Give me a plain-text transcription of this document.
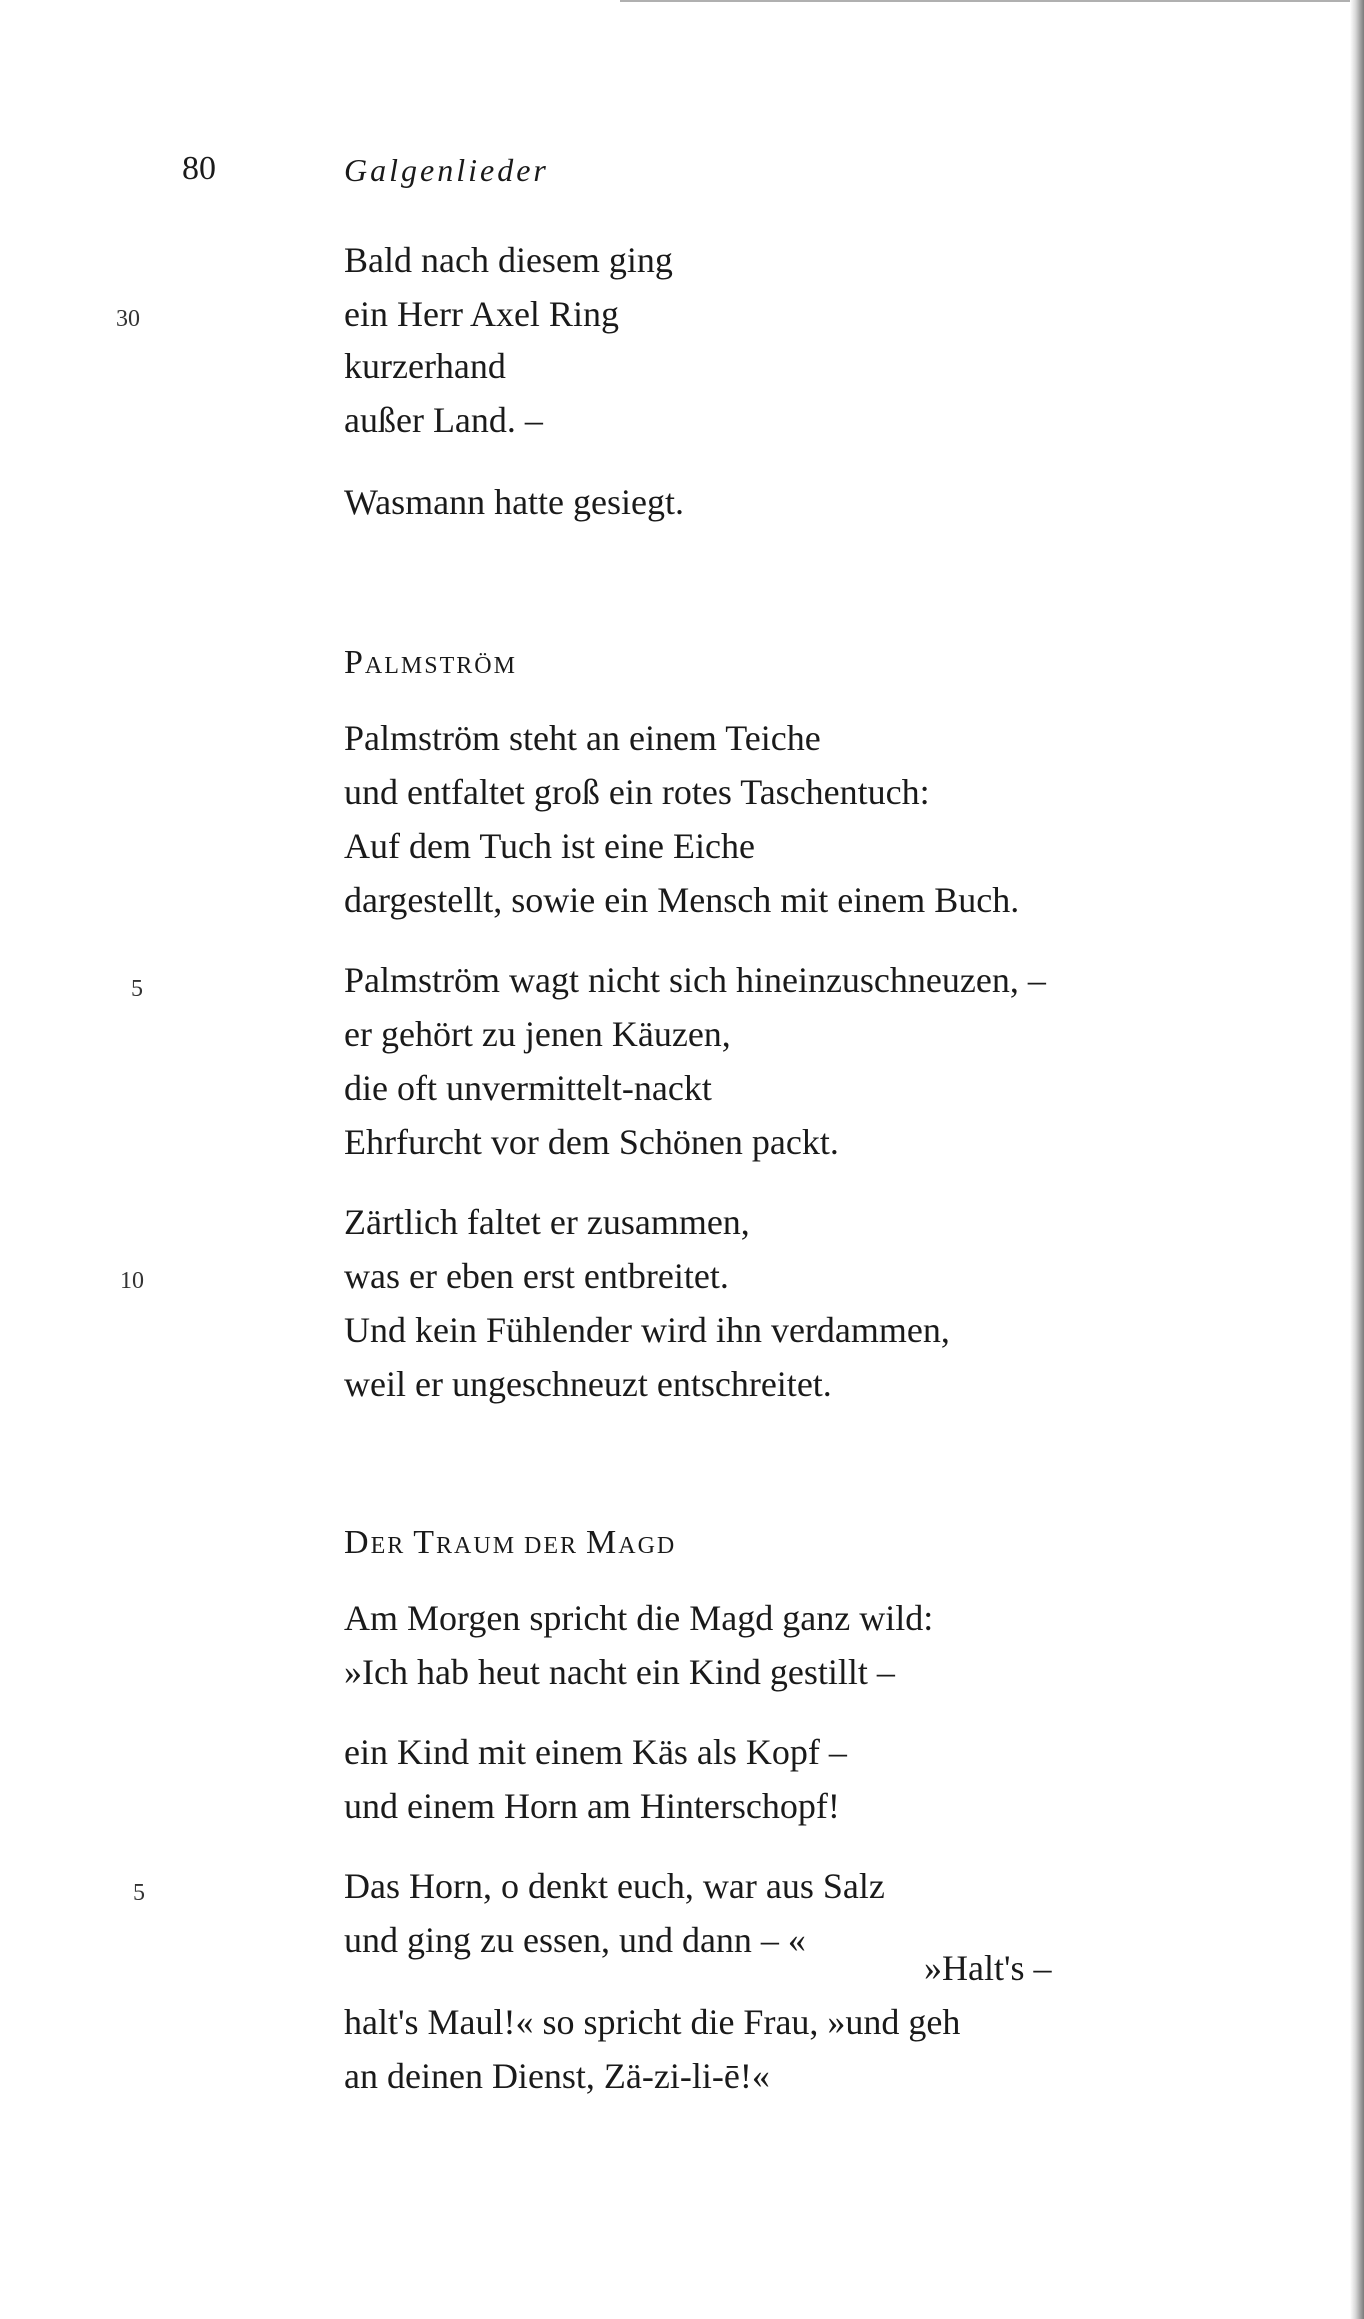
80	Galgenlieder
Bald nach diesem ging
30	ein Herr Axel Ring
kurzerhand
außer Land. –
Wasmann hatte gesiegt.
PALMSTRÖM
Palmström steht an einem Teiche
und entfaltet groß ein rotes Taschentuch:
Auf dem Tuch ist eine Eiche
dargestellt, sowie ein Mensch mit einem Buch.
5	Palmström wagt nicht sich hineinzuschneuzen, –
er gehört zu jenen Käuzen,
die oft unvermittelt-nackt
Ehrfurcht vor dem Schönen packt.
Zärtlich faltet er zusammen,
10	was er eben erst entbreitet.
Und kein Fühlender wird ihn verdammen,
weil er ungeschneuzt entschreitet.
DER TRAUM DER MAGD
Am Morgen spricht die Magd ganz wild:
»Ich hab heut nacht ein Kind gestillt –
ein Kind mit einem Käs als Kopf –
und einem Horn am Hinterschopf!
5	Das Horn, o denkt euch, war aus Salz
und ging zu essen, und dann – «
»Halt's –
halt's Maul!« so spricht die Frau, »und geh
an deinen Dienst, Zä-zi-li-ē!«
